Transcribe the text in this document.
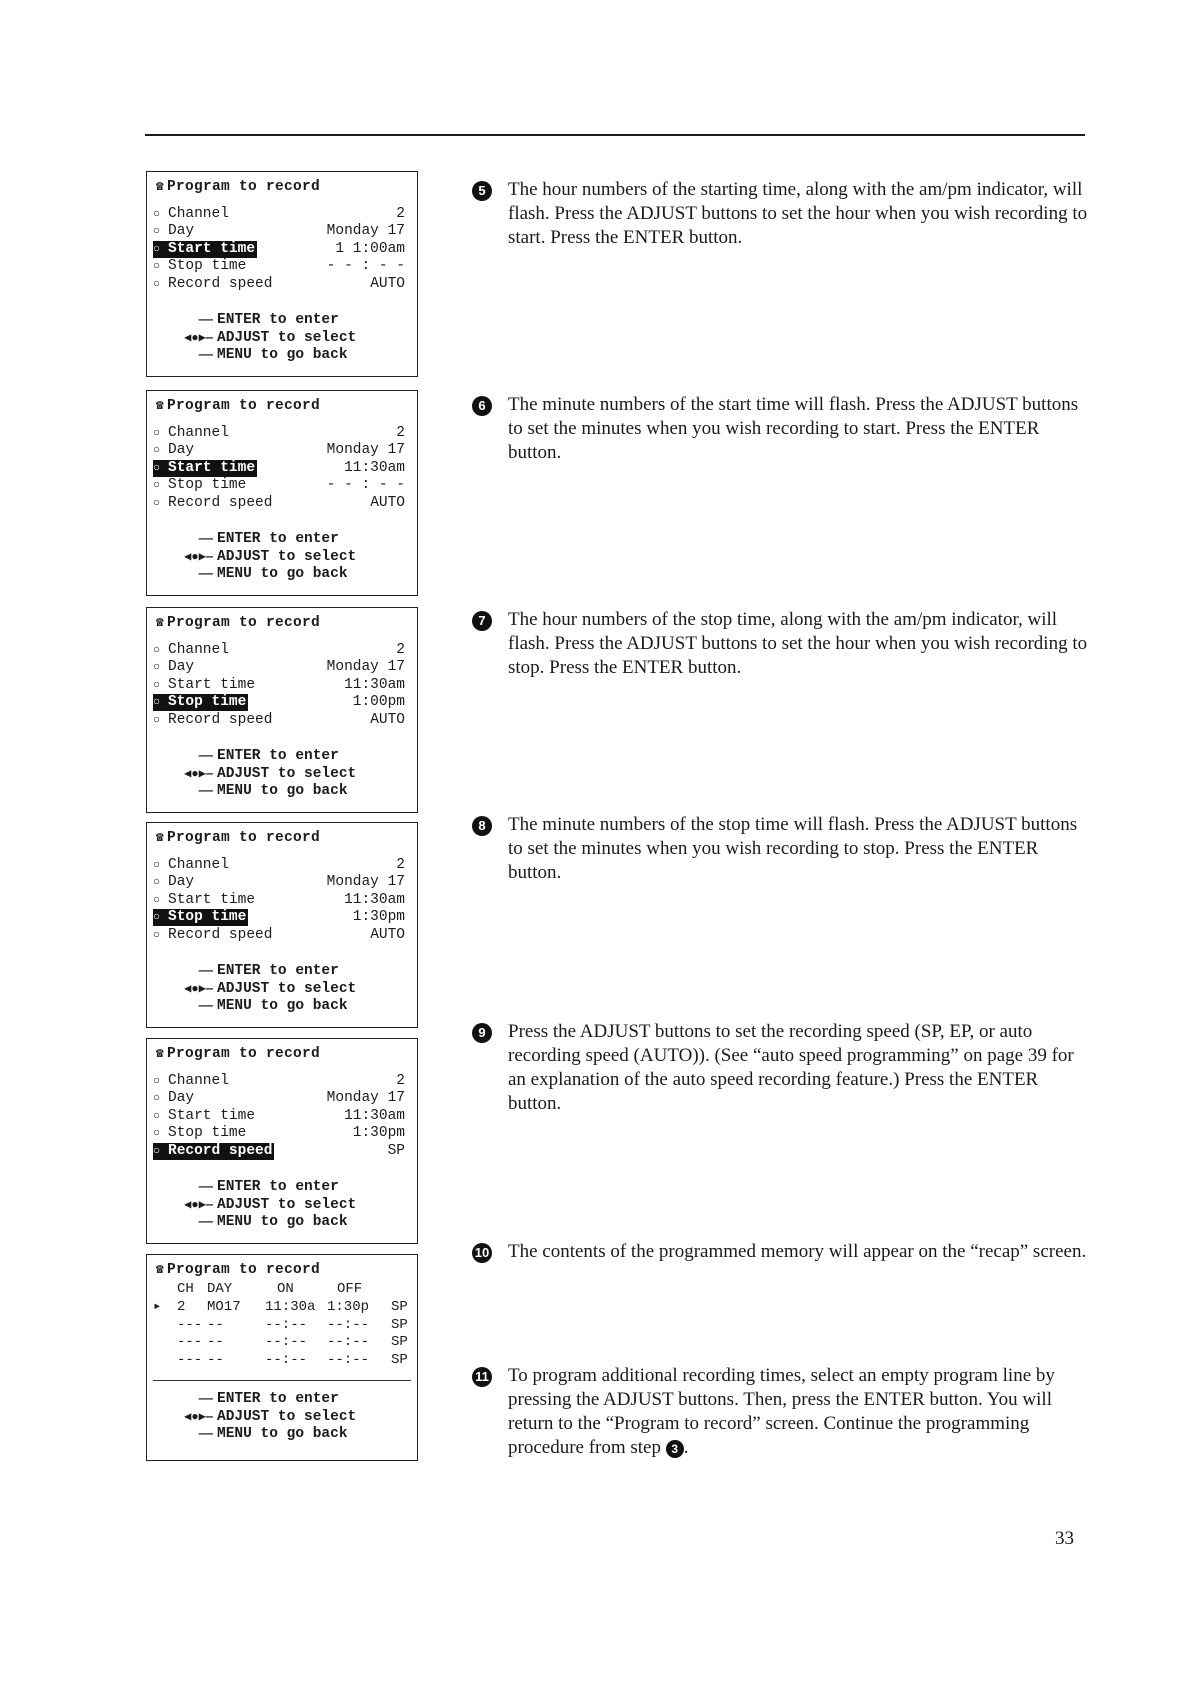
☎ Program to record
○ Channel	2
○ Day	Monday 17
○ Start time	1 1:00am
○ Stop time	- - : - -
○ Record speed	AUTO
—— ENTER to enter
◀●▶— ADJUST to select
—— MENU to go back
☎ Program to record
○ Channel	2
○ Day	Monday 17
○ Start time	11:30am
○ Stop time	- - : - -
○ Record speed	AUTO
—— ENTER to enter
◀●▶— ADJUST to select
—— MENU to go back
☎ Program to record
○ Channel	2
○ Day	Monday 17
○ Start time	11:30am
○ Stop time	1:00pm
○ Record speed	AUTO
—— ENTER to enter
◀●▶— ADJUST to select
—— MENU to go back
☎ Program to record
○ Channel	2
○ Day	Monday 17
○ Start time	11:30am
○ Stop time	1:30pm
○ Record speed	AUTO
—— ENTER to enter
◀●▶— ADJUST to select
—— MENU to go back
☎ Program to record
○ Channel	2
○ Day	Monday 17
○ Start time	11:30am
○ Stop time	1:30pm
○ Record speed	SP
—— ENTER to enter
◀●▶— ADJUST to select
—— MENU to go back
☎ Program to record
CH DAY	ON	OFF
▸ 2 MO17 11:30a 1:30p SP
--- --	--:-- --:-- SP
--- --	--:-- --:-- SP
--- --	--:-- --:-- SP
—— ENTER to enter
◀●▶— ADJUST to select
—— MENU to go back
5	The hour numbers of the starting time, along with the am/pm indicator, will flash. Press the ADJUST buttons to set the hour when you wish recording to start. Press the ENTER button.
6	The minute numbers of the start time will flash. Press the ADJUST buttons to set the minutes when you wish recording to start. Press the ENTER button.
7	The hour numbers of the stop time, along with the am/pm indicator, will flash. Press the ADJUST buttons to set the hour when you wish recording to stop. Press the ENTER button.
8	The minute numbers of the stop time will flash. Press the ADJUST buttons to set the minutes when you wish recording to stop. Press the ENTER button.
9	Press the ADJUST buttons to set the recording speed (SP, EP, or auto recording speed (AUTO)). (See “auto speed programming” on page 39 for an explanation of the auto speed recording feature.) Press the ENTER button.
10 The contents of the programmed memory will appear on the “recap” screen.
11 To program additional recording times, select an empty program line by pressing the ADJUST buttons. Then, press the ENTER button. You will return to the “Program to record” screen. Continue the programming procedure from step 3 .
33
